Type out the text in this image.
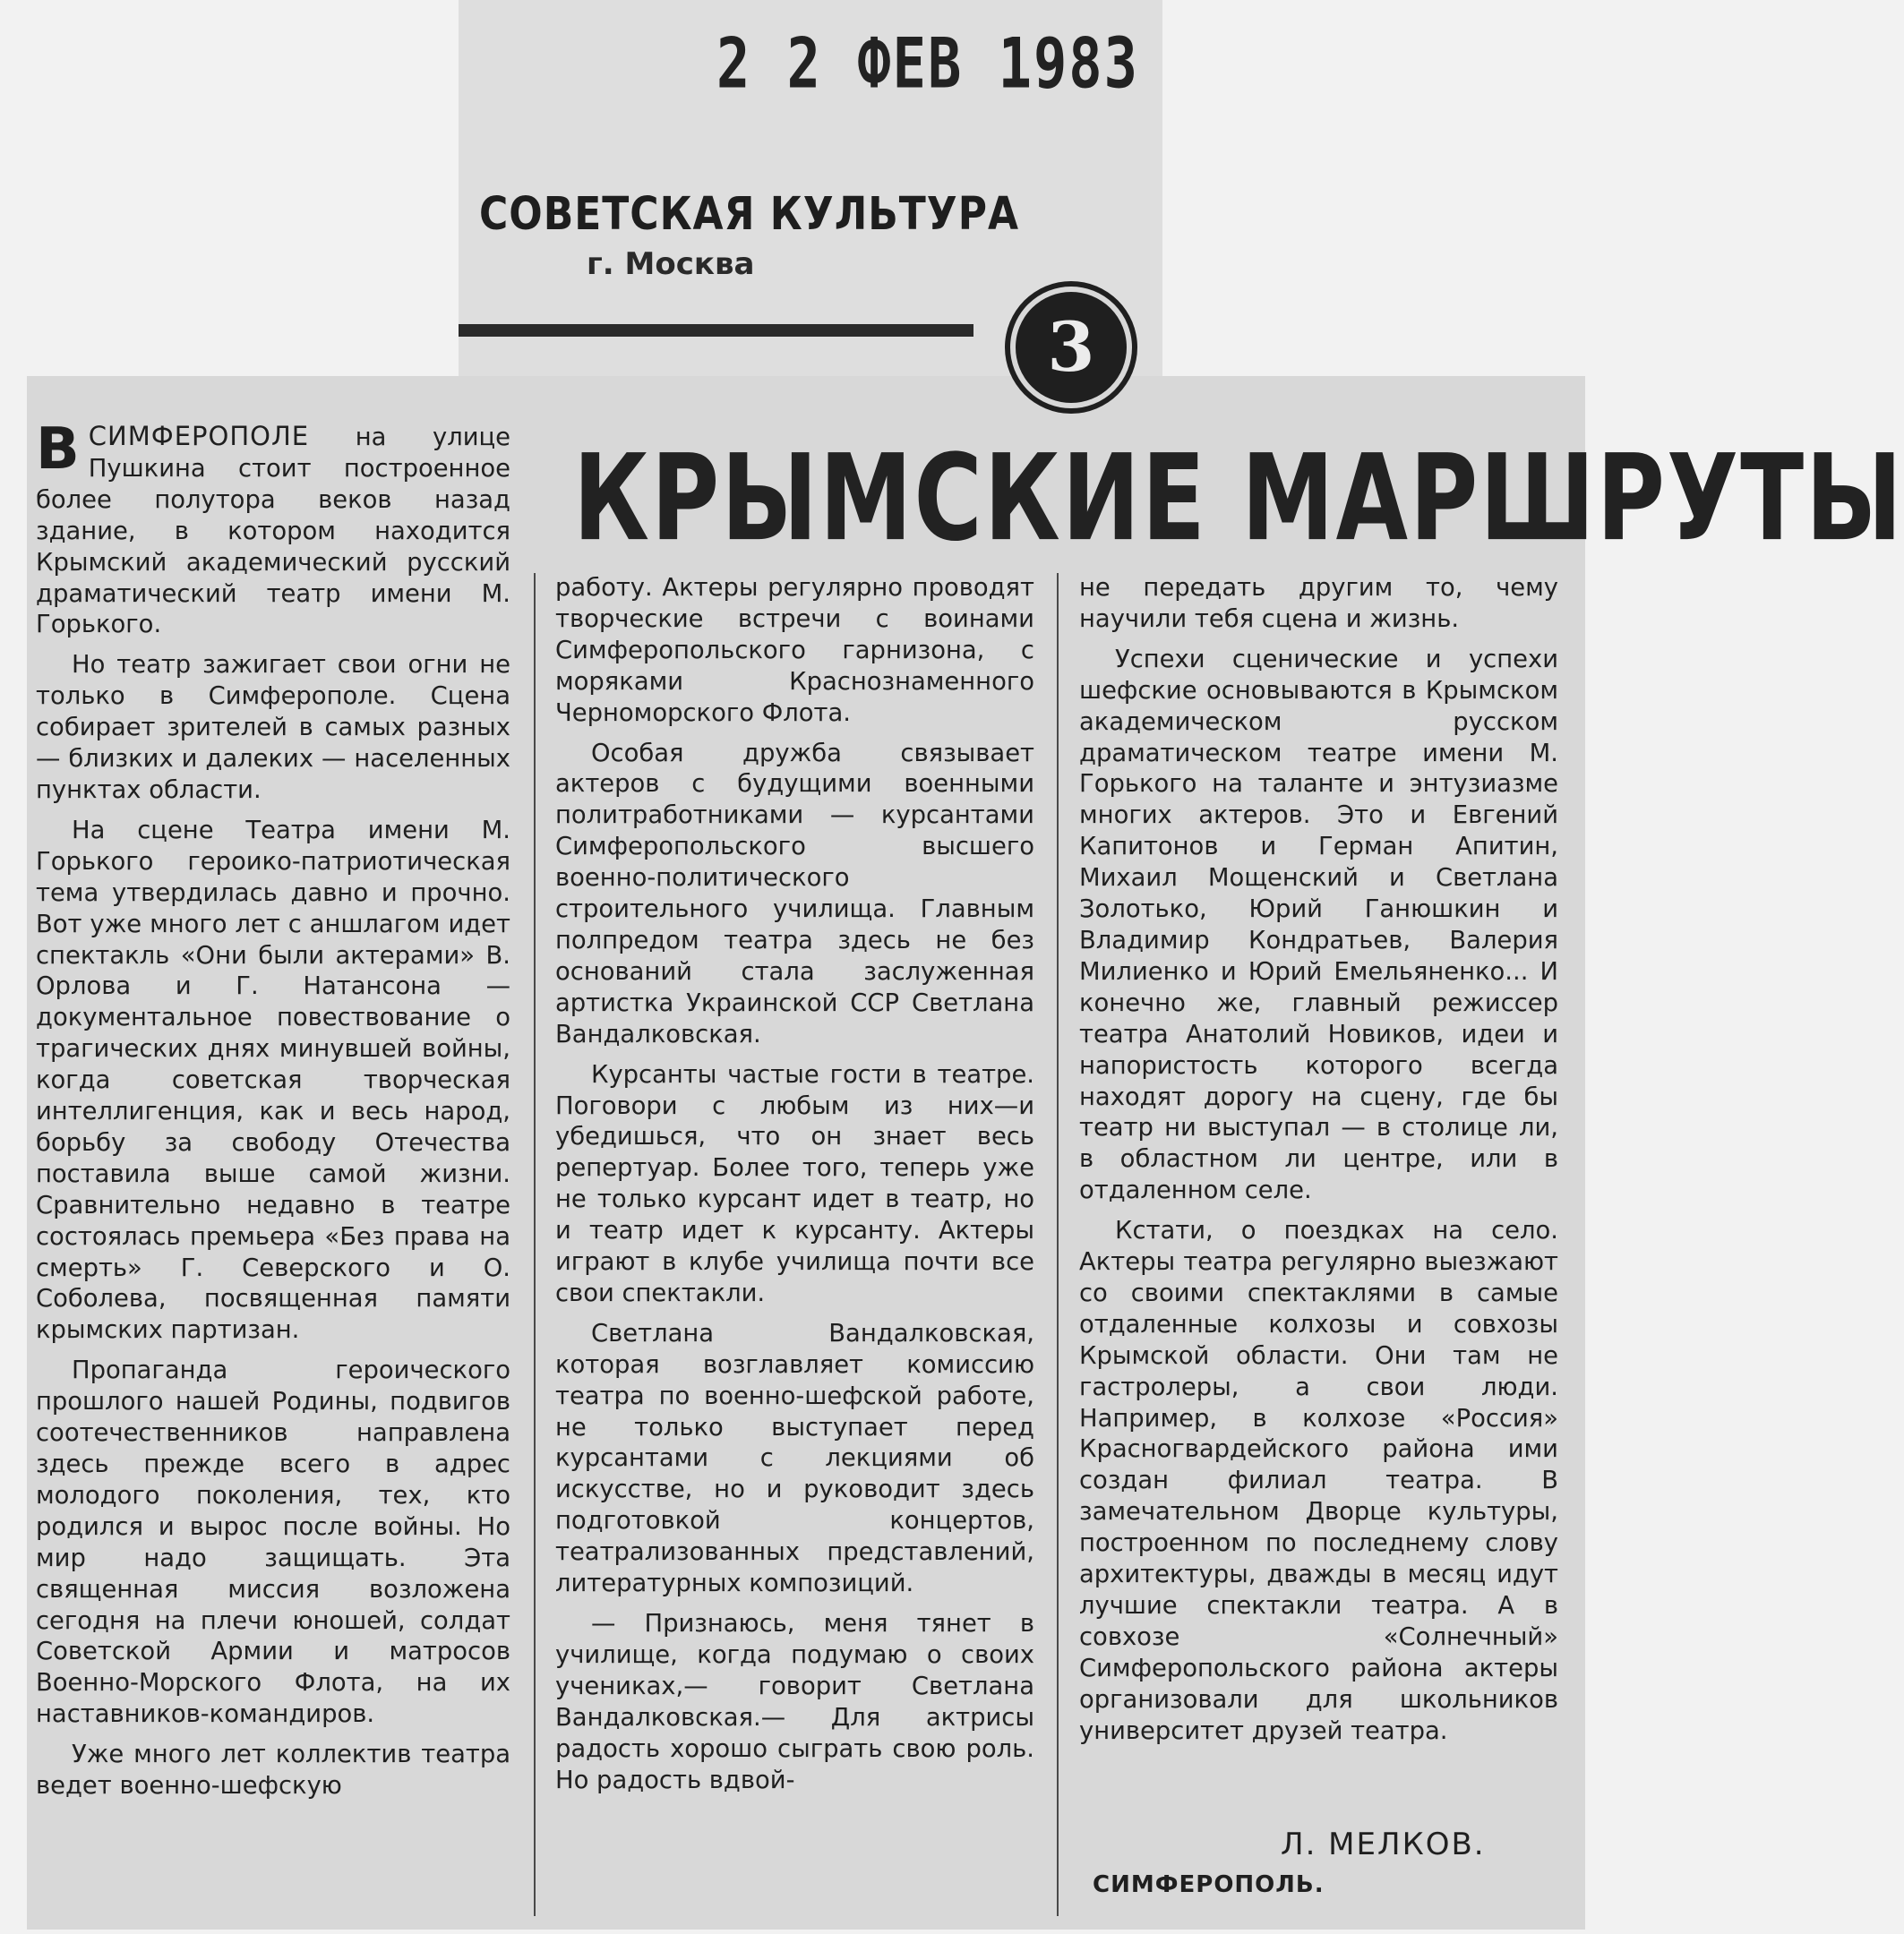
2 2 ФЕВ 1983
СОВЕТСКАЯ КУЛЬТУРА
г. Москва
3
КРЫМСКИЕ МАРШРУТЫ

ВСИМФЕРОПОЛЕ на улице Пушкина стоит построенное более полутора веков назад здание, в котором находится Крымский академический русский драматический театр имени М. Горького.

Но театр зажигает свои огни не только в Симферополе. Сцена собирает зрителей в самых разных — близких и далеких — населенных пунктах области.

На сцене Театра имени М. Горького героико-патриотическая тема утвердилась давно и прочно. Вот уже много лет с аншлагом идет спектакль «Они были актерами» В. Орлова и Г. Натансона — документальное повествование о трагических днях минувшей войны, когда советская творческая интеллигенция, как и весь народ, борьбу за свободу Отечества поставила выше самой жизни. Сравнительно недавно в театре состоялась премьера «Без права на смерть» Г. Северского и О. Соболева, посвященная памяти крымских партизан.

Пропаганда героического прошлого нашей Родины, подвигов соотечественников направлена здесь прежде всего в адрес молодого поколения, тех, кто родился и вырос после войны. Но мир надо защищать. Эта священная миссия возложена сегодня на плечи юношей, солдат Советской Армии и матросов Военно-Морского Флота, на их наставников-командиров.

Уже много лет коллектив театра ведет военно-шефскую

работу. Актеры регулярно проводят творческие встречи с воинами Симферопольского гарнизона, с моряками Краснознаменного Черноморского Флота.

Особая дружба связывает актеров с будущими военными политработниками — курсантами Симферопольского высшего военно-политического строительного училища. Главным полпредом театра здесь не без оснований стала заслуженная артистка Украинской ССР Светлана Вандалковская.

Курсанты частые гости в театре. Поговори с любым из них—и убедишься, что он знает весь репертуар. Более того, теперь уже не только курсант идет в театр, но и театр идет к курсанту. Актеры играют в клубе училища почти все свои спектакли.

Светлана Вандалковская, которая возглавляет комиссию театра по военно-шефской работе, не только выступает перед курсантами с лекциями об искусстве, но и руководит здесь подготовкой концертов, театрализованных представлений, литературных композиций.

— Признаюсь, меня тянет в училище, когда подумаю о своих учениках,— говорит Светлана Вандалковская.— Для актрисы радость хорошо сыграть свою роль. Но радость вдвой-

не передать другим то, чему научили тебя сцена и жизнь.

Успехи сценические и успехи шефские основываются в Крымском академическом русском драматическом театре имени М. Горького на таланте и энтузиазме многих актеров. Это и Евгений Капитонов и Герман Апитин, Михаил Мощенский и Светлана Золотько, Юрий Ганюшкин и Владимир Кондратьев, Валерия Милиенко и Юрий Емельяненко... И конечно же, главный режиссер театра Анатолий Новиков, идеи и напористость которого всегда находят дорогу на сцену, где бы театр ни выступал — в столице ли, в областном ли центре, или в отдаленном селе.

Кстати, о поездках на село. Актеры театра регулярно выезжают со своими спектаклями в самые отдаленные колхозы и совхозы Крымской области. Они там не гастролеры, а свои люди. Например, в колхозе «Россия» Красногвардейского района ими создан филиал театра. В замечательном Дворце культуры, построенном по последнему слову архитектуры, дважды в месяц идут лучшие спектакли театра. А в совхозе «Солнечный» Симферопольского района актеры организовали для школьников университет друзей театра.

Л. МЕЛКОВ.
СИМФЕРОПОЛЬ.
